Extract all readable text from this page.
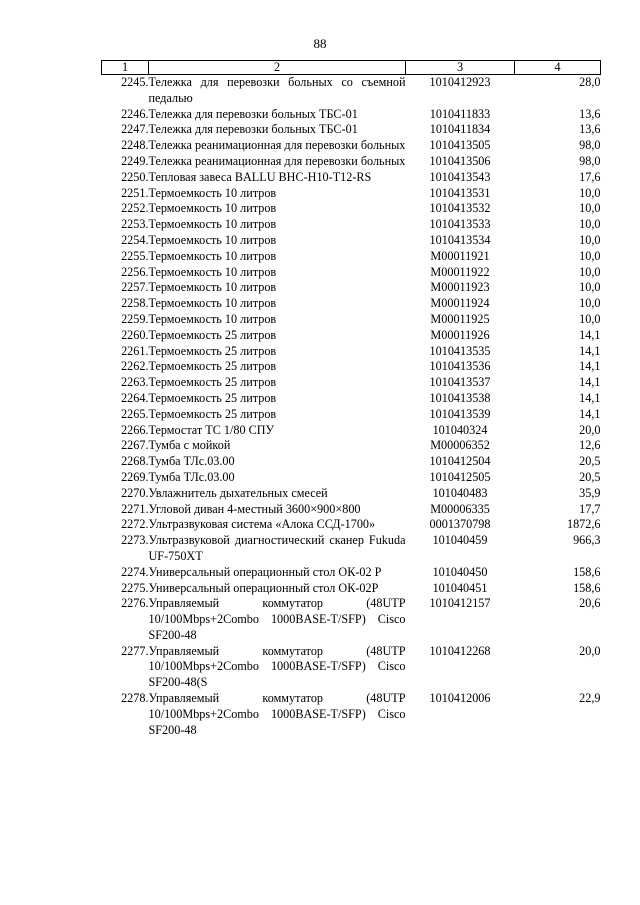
88
1	2	3	4
2245.	Тележка для перевозки больных со съемной педалью	1010412923	28,0
2246.	Тележка для перевозки больных ТБС-01	1010411833	13,6
2247.	Тележка для перевозки больных ТБС-01	1010411834	13,6
2248.	Тележка реанимационная для перевозки больных	1010413505	98,0
2249.	Тележка реанимационная для перевозки больных	1010413506	98,0
2250.	Тепловая завеса BALLU BHC-H10-T12-RS	1010413543	17,6
2251.	Термоемкость 10 литров	1010413531	10,0
2252.	Термоемкость 10 литров	1010413532	10,0
2253.	Термоемкость 10 литров	1010413533	10,0
2254.	Термоемкость 10 литров	1010413534	10,0
2255.	Термоемкость 10 литров	М00011921	10,0
2256.	Термоемкость 10 литров	М00011922	10,0
2257.	Термоемкость 10 литров	М00011923	10,0
2258.	Термоемкость 10 литров	М00011924	10,0
2259.	Термоемкость 10 литров	М00011925	10,0
2260.	Термоемкость 25 литров	М00011926	14,1
2261.	Термоемкость 25 литров	1010413535	14,1
2262.	Термоемкость 25 литров	1010413536	14,1
2263.	Термоемкость 25 литров	1010413537	14,1
2264.	Термоемкость 25 литров	1010413538	14,1
2265.	Термоемкость 25 литров	1010413539	14,1
2266.	Термостат ТС 1/80 СПУ	101040324	20,0
2267.	Тумба с мойкой	М00006352	12,6
2268.	Тумба ТЛс.03.00	1010412504	20,5
2269.	Тумба ТЛс.03.00	1010412505	20,5
2270.	Увлажнитель дыхательных смесей	101040483	35,9
2271.	Угловой диван 4-местный 3600×900×800	М00006335	17,7
2272.	Ультразвуковая система «Алока ССД-1700»	0001370798	1872,6
2273.	Ультразвуковой диагностический сканер Fukuda UF-750XT	101040459	966,3
2274.	Универсальный операционный стол ОК-02 Р	101040450	158,6
2275.	Универсальный операционный стол ОК-02Р	101040451	158,6
2276.	Управляемый коммутатор (48UTP 10/100Mbps+2Combo 1000BASE-T/SFP) Cisco SF200-48	1010412157	20,6
2277.	Управляемый коммутатор (48UTP 10/100Mbps+2Combo 1000BASE-T/SFP) Cisco SF200-48(S	1010412268	20,0
2278.	Управляемый коммутатор (48UTP 10/100Mbps+2Combo 1000BASE-T/SFP) Cisco SF200-48	1010412006	22,9
